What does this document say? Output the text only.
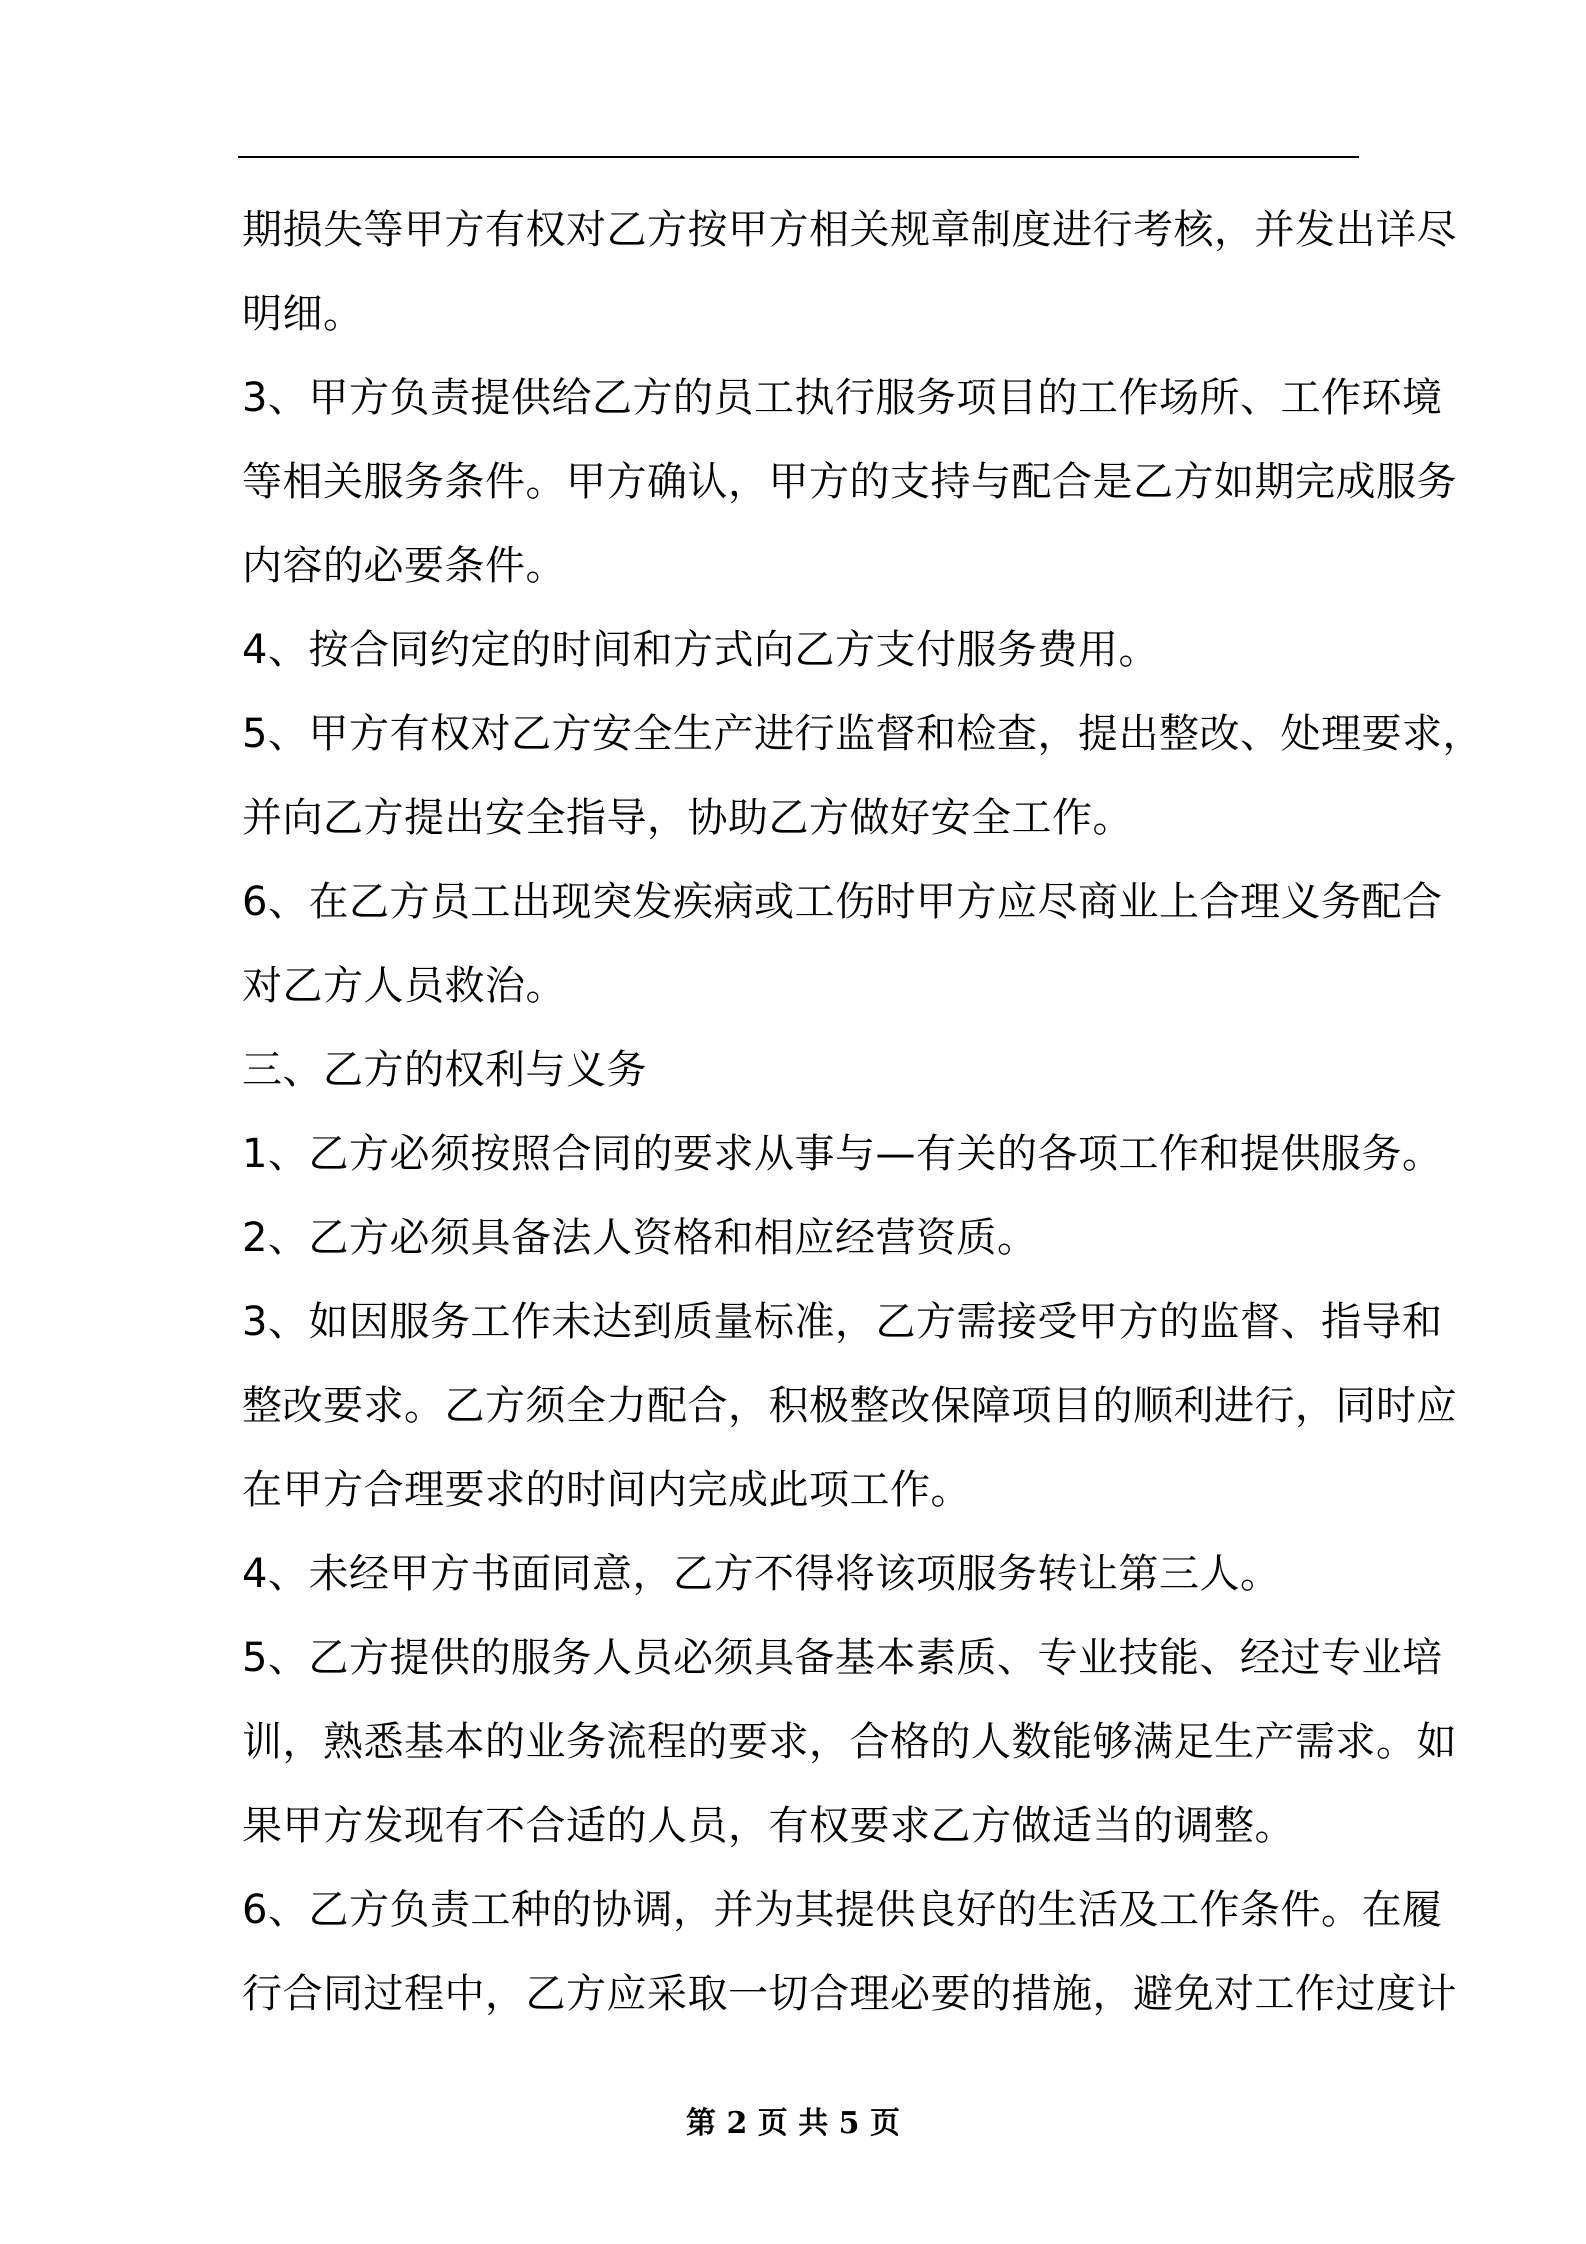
期损失等甲方有权对乙方按甲方相关规章制度进行考核，并发出详尽
明细。
3、甲方负责提供给乙方的员工执行服务项目的工作场所、工作环境
等相关服务条件。甲方确认，甲方的支持与配合是乙方如期完成服务
内容的必要条件。
4、按合同约定的时间和方式向乙方支付服务费用。
5、甲方有权对乙方安全生产进行监督和检查，提出整改、处理要求，
并向乙方提出安全指导，协助乙方做好安全工作。
6、在乙方员工出现突发疾病或工伤时甲方应尽商业上合理义务配合
对乙方人员救治。
三、乙方的权利与义务
1、乙方必须按照合同的要求从事与—有关的各项工作和提供服务。
2、乙方必须具备法人资格和相应经营资质。
3、如因服务工作未达到质量标准，乙方需接受甲方的监督、指导和
整改要求。乙方须全力配合，积极整改保障项目的顺利进行，同时应
在甲方合理要求的时间内完成此项工作。
4、未经甲方书面同意，乙方不得将该项服务转让第三人。
5、乙方提供的服务人员必须具备基本素质、专业技能、经过专业培
训，熟悉基本的业务流程的要求，合格的人数能够满足生产需求。如
果甲方发现有不合适的人员，有权要求乙方做适当的调整。
6、乙方负责工种的协调，并为其提供良好的生活及工作条件。在履
行合同过程中，乙方应采取一切合理必要的措施，避免对工作过度计
第 2 页 共 5 页
